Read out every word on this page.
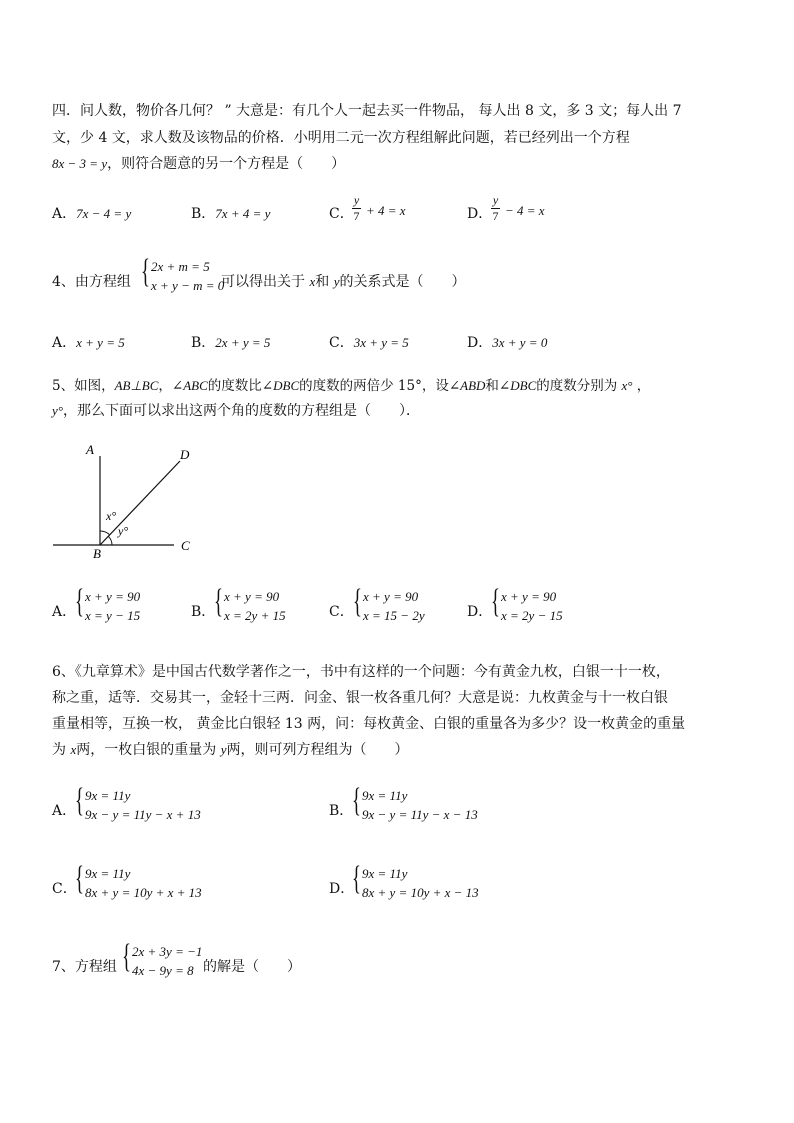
四．问人数，物价各几何？ ” 大意是：有几个人一起去买一件物品， 每人出 8 文，多 3 文；每人出 7
文，少 4 文，求人数及该物品的价格．小明用二元一次方程组解此问题，若已经列出一个方程
8x − 3 = y，则符合题意的另一个方程是（　　）
A．7x − 4 = y	B．7x + 4 = y	C．
y
7 + 4 = x	D．
y
7 − 4 = x
4、由方程组 { 2x + m = 5
x + y − m = 0
可以得出关于 x和 y的关系式是（　　）
A．x + y = 5	B．2x + y = 5	C．3x + y = 5	D．3x + y = 0
5、如图，AB⊥BC，∠ABC的度数比∠DBC的度数的两倍少 15°，设∠ABD和∠DBC的度数分别为 x° ，
y°，那么下面可以求出这两个角的度数的方程组是（　　）．
A	D
C
B
x°
y°
A．
{ x + y = 90
x = y − 15	B．
{ x + y = 90
x = 2y + 15	C． { x + y = 90
x = 15 − 2y	D．
{ x + y = 90
x = 2y − 15
6、《九章算术》是中国古代数学著作之一，书中有这样的一个问题：今有黄金九枚，白银一十一枚，
称之重，适等．交易其一，金轻十三两．问金、银一枚各重几何？大意是说：九枚黄金与十一枚白银
重量相等，互换一枚， 黄金比白银轻 13 两，问：每枚黄金、白银的重量各为多少？设一枚黄金的重量
为 x两，一枚白银的重量为 y两，则可列方程组为（　　）
A．
{ 9x = 11y
9x − y = 11y − x + 13	B．
{ 9x = 11y
9x − y = 11y − x − 13
C．
{ 9x = 11y
8x + y = 10y + x + 13	D．
{ 9x = 11y
8x + y = 10y + x − 13
7、方程组 { 2x + 3y = −1
4x − 9y = 8 的解是（　　）
